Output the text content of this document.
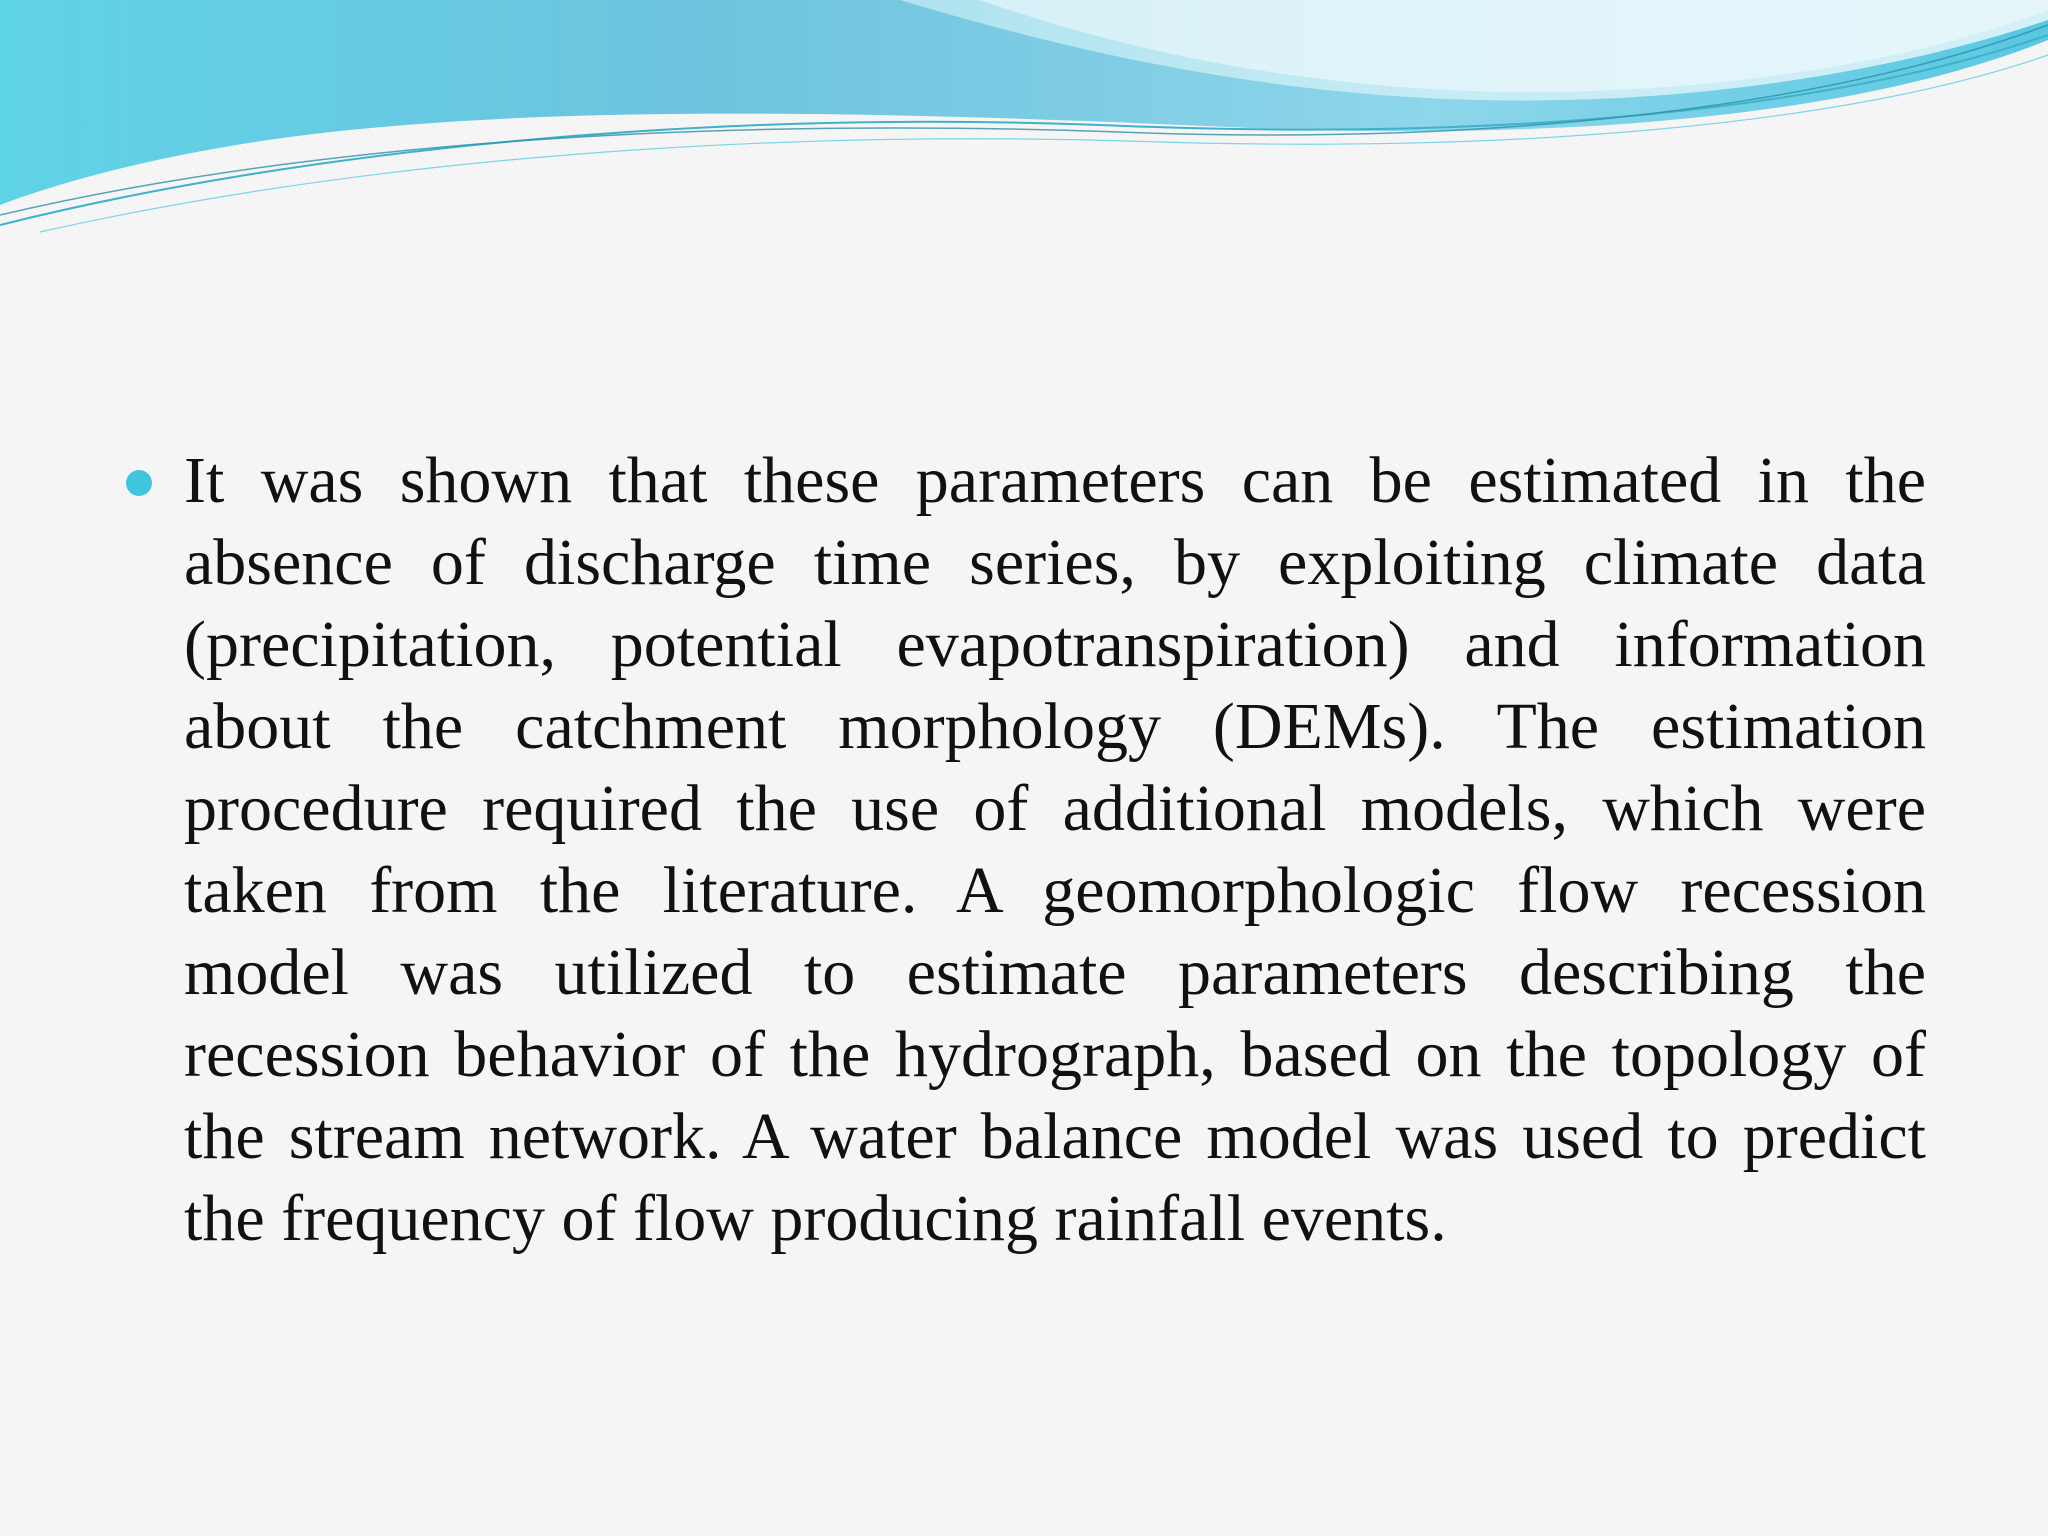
It was shown that these parameters can be estimated in the absence of discharge time series, by exploiting climate data (precipitation, potential evapotranspiration) and information about the catchment morphology (DEMs). The estimation procedure required the use of additional models, which were taken from the literature. A geomorphologic flow recession model was utilized to estimate parameters describing the recession behavior of the hydrograph, based on the topology of the stream network. A water balance model was used to predict the frequency of flow producing rainfall events.
